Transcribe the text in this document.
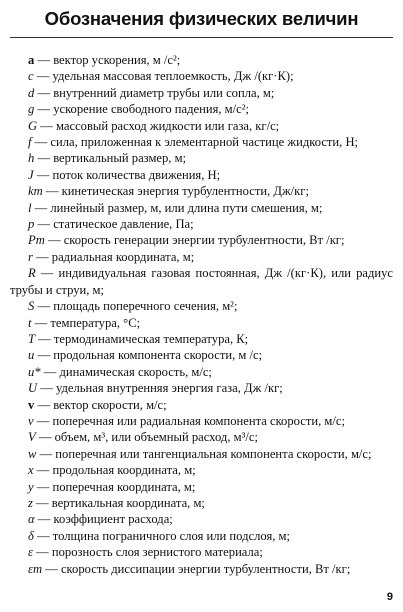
Обозначения физических величин
a — вектор ускорения, м /с²;
c — удельная массовая теплоемкость, Дж /(кг·К);
d — внутренний диаметр трубы или сопла, м;
g — ускорение свободного падения, м/с²;
G — массовый расход жидкости или газа, кг/с;
f — сила, приложенная к элементарной частице жидкости, Н;
h — вертикальный размер, м;
J — поток количества движения, Н;
kт — кинетическая энергия турбулентности, Дж/кг;
l — линейный размер, м, или длина пути смешения, м;
p — статическое давление, Па;
Pт — скорость генерации энергии турбулентности, Вт /кг;
r — радиальная координата, м;
R — индивидуальная газовая постоянная, Дж /(кг·К), или радиус трубы и струи, м;
S — площадь поперечного сечения, м²;
t — температура, °С;
T — термодинамическая температура, К;
u — продольная компонента скорости, м /с;
u* — динамическая скорость, м/с;
U — удельная внутренняя энергия газа, Дж /кг;
v — вектор скорости, м/с;
v — поперечная или радиальная компонента скорости, м/с;
V — объем, м³, или объемный расход, м³/с;
w — поперечная или тангенциальная компонента скорости, м/с;
x — продольная координата, м;
y — поперечная координата, м;
z — вертикальная координата, м;
α — коэффициент расхода;
δ — толщина пограничного слоя или подслоя, м;
ε — порозность слоя зернистого материала;
εт — скорость диссипации энергии турбулентности, Вт /кг;
9
